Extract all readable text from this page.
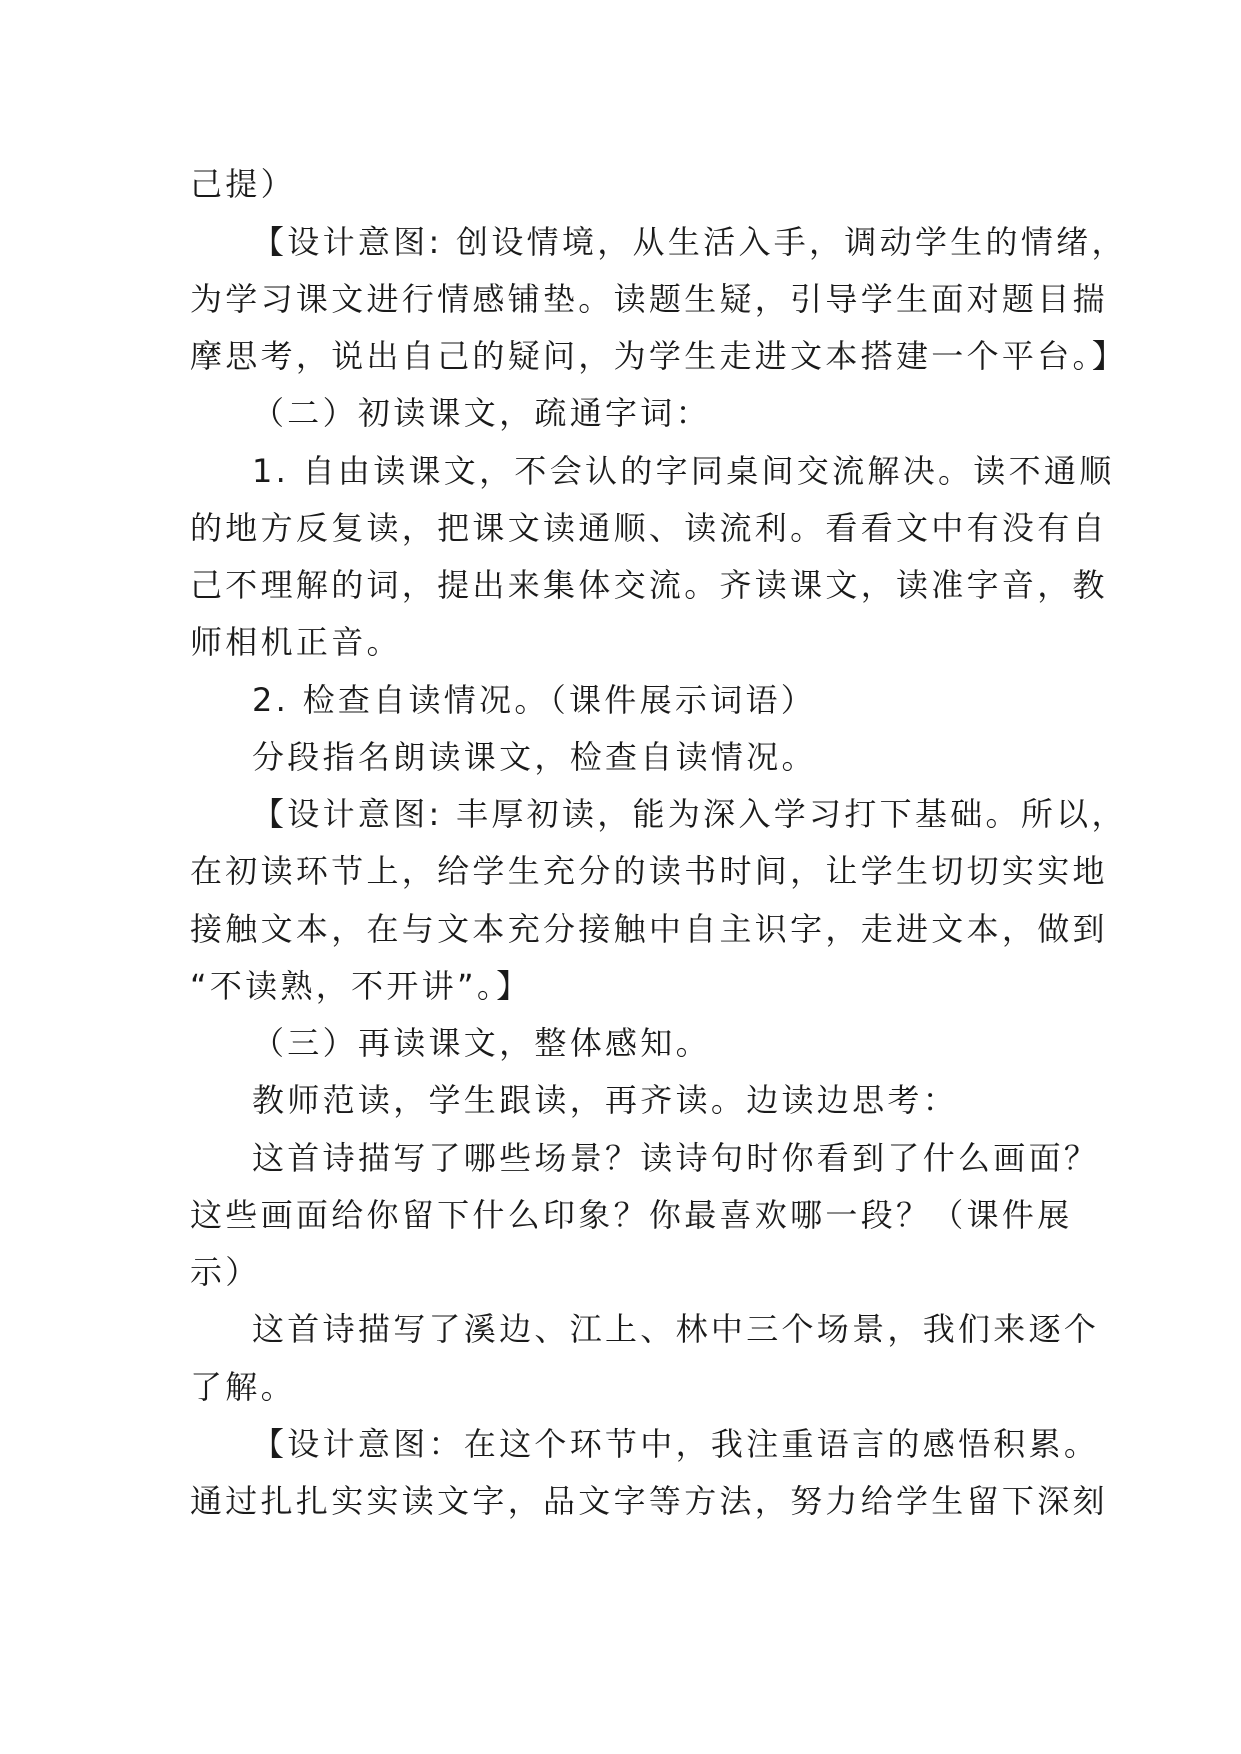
己提）
【设计意图: 创设情境，从生活入手，调动学生的情绪，
为学习课文进行情感铺垫。读题生疑，引导学生面对题目揣
摩思考，说出自己的疑问，为学生走进文本搭建一个平台。】
（二）初读课文，疏通字词：
1. 自由读课文，不会认的字同桌间交流解决。读不通顺
的地方反复读，把课文读通顺、读流利。看看文中有没有自
己不理解的词，提出来集体交流。齐读课文，读准字音，教
师相机正音。
2. 检查自读情况。（课件展示词语）
分段指名朗读课文，检查自读情况。
【设计意图: 丰厚初读，能为深入学习打下基础。所以，
在初读环节上，给学生充分的读书时间，让学生切切实实地
接触文本，在与文本充分接触中自主识字，走进文本，做到
“不读熟，不开讲”。】
（三）再读课文，整体感知。
教师范读，学生跟读，再齐读。边读边思考：
这首诗描写了哪些场景？读诗句时你看到了什么画面？
这些画面给你留下什么印象？你最喜欢哪一段？（课件展
示）
这首诗描写了溪边、江上、林中三个场景，我们来逐个
了解。
【设计意图：在这个环节中，我注重语言的感悟积累。
通过扎扎实实读文字，品文字等方法，努力给学生留下深刻
